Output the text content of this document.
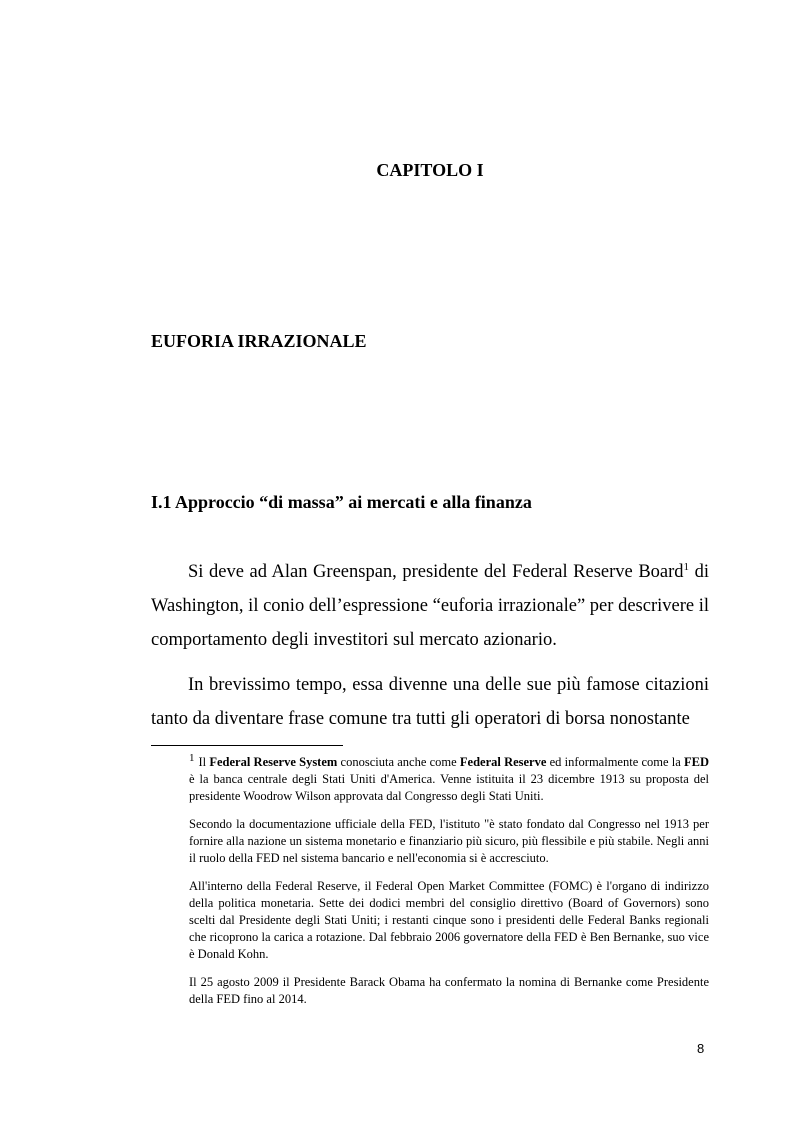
CAPITOLO I
EUFORIA IRRAZIONALE
I.1 Approccio “di massa” ai mercati e alla finanza

Si deve ad Alan Greenspan, presidente del Federal Reserve Board$^1$ di Washington, il conio dell’espressione “euforia irrazionale” per descrivere il comportamento degli investitori sul mercato azionario.

In brevissimo tempo, essa divenne una delle sue più famose citazioni tanto da diventare frase comune tra tutti gli operatori di borsa nonostante

1 Il Federal Reserve System conosciuta anche come Federal Reserve ed informalmente come la FED è la banca centrale degli Stati Uniti d'America. Venne istituita il 23 dicembre 1913 su proposta del presidente Woodrow Wilson approvata dal Congresso degli Stati Uniti.

Secondo la documentazione ufficiale della FED, l'istituto "è stato fondato dal Congresso nel 1913 per fornire alla nazione un sistema monetario e finanziario più sicuro, più flessibile e più stabile. Negli anni il ruolo della FED nel sistema bancario e nell'economia si è accresciuto.

All'interno della Federal Reserve, il Federal Open Market Committee (FOMC) è l'organo di indirizzo della politica monetaria. Sette dei dodici membri del consiglio direttivo (Board of Governors) sono scelti dal Presidente degli Stati Uniti; i restanti cinque sono i presidenti delle Federal Banks regionali che ricoprono la carica a rotazione. Dal febbraio 2006 governatore della FED è Ben Bernanke, suo vice è Donald Kohn.

Il 25 agosto 2009 il Presidente Barack Obama ha confermato la nomina di Bernanke come Presidente della FED fino al 2014.

8
